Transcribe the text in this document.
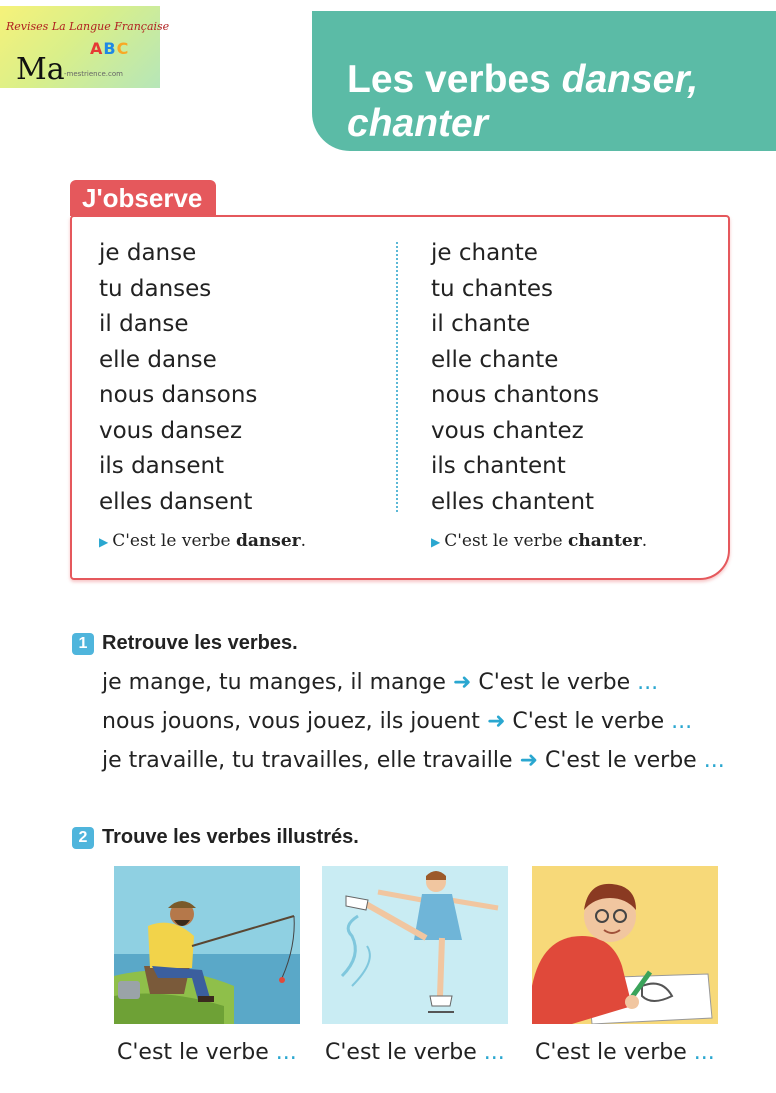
Revises La Langue Française
ABC
Ma -mestrience.com	Les verbes danser,
chanter
J'observe
je danse
tu danses
il danse
elle danse
nous dansons
vous dansez
ils dansent
elles dansent
je chante
tu chantes
il chante
elle chante
nous chantons
vous chantez
ils chantent
elles chantent
▶ C'est le verbe danser.	▶ C'est le verbe chanter.
1 Retrouve les verbes.
je mange, tu manges, il mange ➜ C'est le verbe ...
nous jouons, vous jouez, ils jouent ➜ C'est le verbe ...
je travaille, tu travailles, elle travaille ➜ C'est le verbe ...
2 Trouve les verbes illustrés.
C'est le verbe ... C'est le verbe ... C'est le verbe ...
